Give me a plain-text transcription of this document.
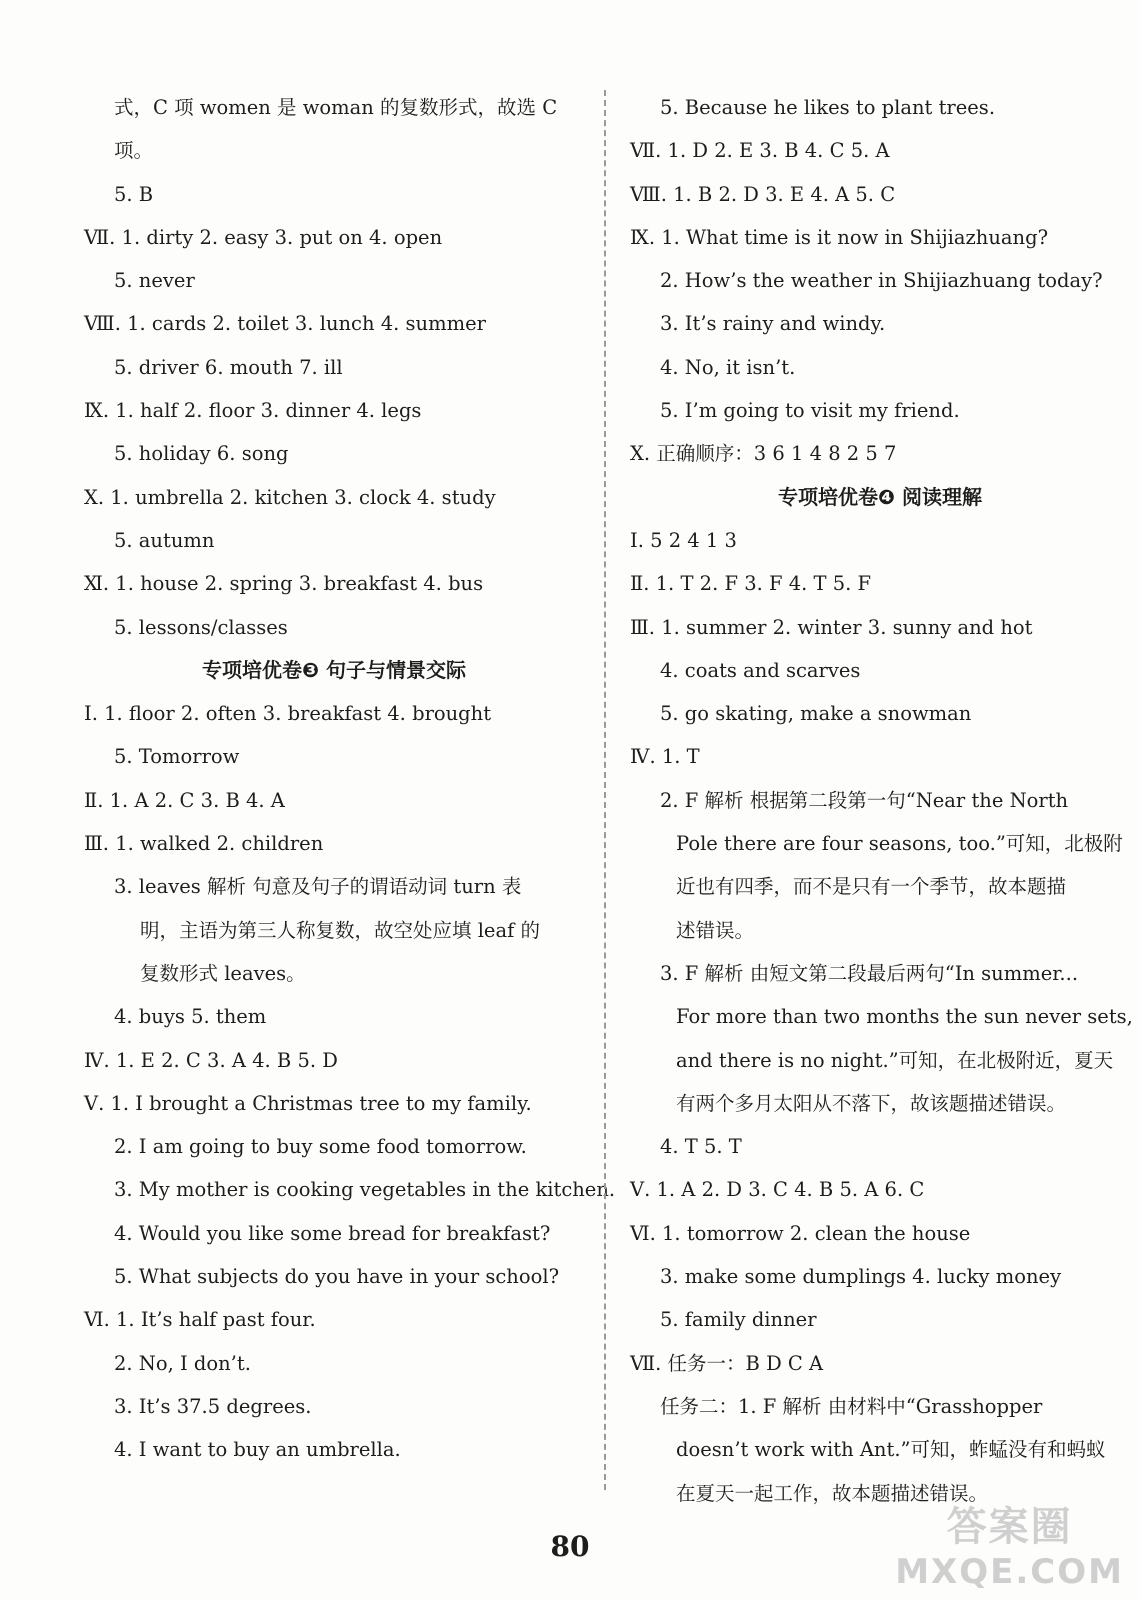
式，C 项 women 是 woman 的复数形式，故选 C
项。
5. B
Ⅶ. 1. dirty 2. easy 3. put on 4. open
5. never
Ⅷ. 1. cards 2. toilet 3. lunch 4. summer
5. driver 6. mouth 7. ill
Ⅸ. 1. half 2. floor 3. dinner 4. legs
5. holiday 6. song
Ⅹ. 1. umbrella 2. kitchen 3. clock 4. study
5. autumn
Ⅺ. 1. house 2. spring 3. breakfast 4. bus
5. lessons/classes
专项培优卷❸ 句子与情景交际
Ⅰ. 1. floor 2. often 3. breakfast 4. brought
5. Tomorrow
Ⅱ. 1. A 2. C 3. B 4. A
Ⅲ. 1. walked 2. children
3. leaves 解析 句意及句子的谓语动词 turn 表
明，主语为第三人称复数，故空处应填 leaf 的
复数形式 leaves。
4. buys 5. them
Ⅳ. 1. E 2. C 3. A 4. B 5. D
Ⅴ. 1. I brought a Christmas tree to my family.
2. I am going to buy some food tomorrow.
3. My mother is cooking vegetables in the kitchen.
4. Would you like some bread for breakfast?
5. What subjects do you have in your school?
Ⅵ. 1. It’s half past four.
2. No, I don’t.
3. It’s 37.5 degrees.
4. I want to buy an umbrella.
5. Because he likes to plant trees.
Ⅶ. 1. D 2. E 3. B 4. C 5. A
Ⅷ. 1. B 2. D 3. E 4. A 5. C
Ⅸ. 1. What time is it now in Shijiazhuang?
2. How’s the weather in Shijiazhuang today?
3. It’s rainy and windy.
4. No, it isn’t.
5. I’m going to visit my friend.
Ⅹ. 正确顺序：3 6 1 4 8 2 5 7
专项培优卷❹ 阅读理解
Ⅰ. 5 2 4 1 3
Ⅱ. 1. T 2. F 3. F 4. T 5. F
Ⅲ. 1. summer 2. winter 3. sunny and hot
4. coats and scarves
5. go skating, make a snowman
Ⅳ. 1. T
2. F 解析 根据第二段第一句“Near the North
Pole there are four seasons, too.”可知，北极附
近也有四季，而不是只有一个季节，故本题描
述错误。
3. F 解析 由短文第二段最后两句“In summer...
For more than two months the sun never sets,
and there is no night.”可知，在北极附近，夏天
有两个多月太阳从不落下，故该题描述错误。
4. T 5. T
Ⅴ. 1. A 2. D 3. C 4. B 5. A 6. C
Ⅵ. 1. tomorrow 2. clean the house
3. make some dumplings 4. lucky money
5. family dinner
Ⅶ. 任务一：B D C A
任务二：1. F 解析 由材料中“Grasshopper
doesn’t work with Ant.”可知，蚱蜢没有和蚂蚁
在夏天一起工作，故本题描述错误。
80	答案圈
MXQE.COM
